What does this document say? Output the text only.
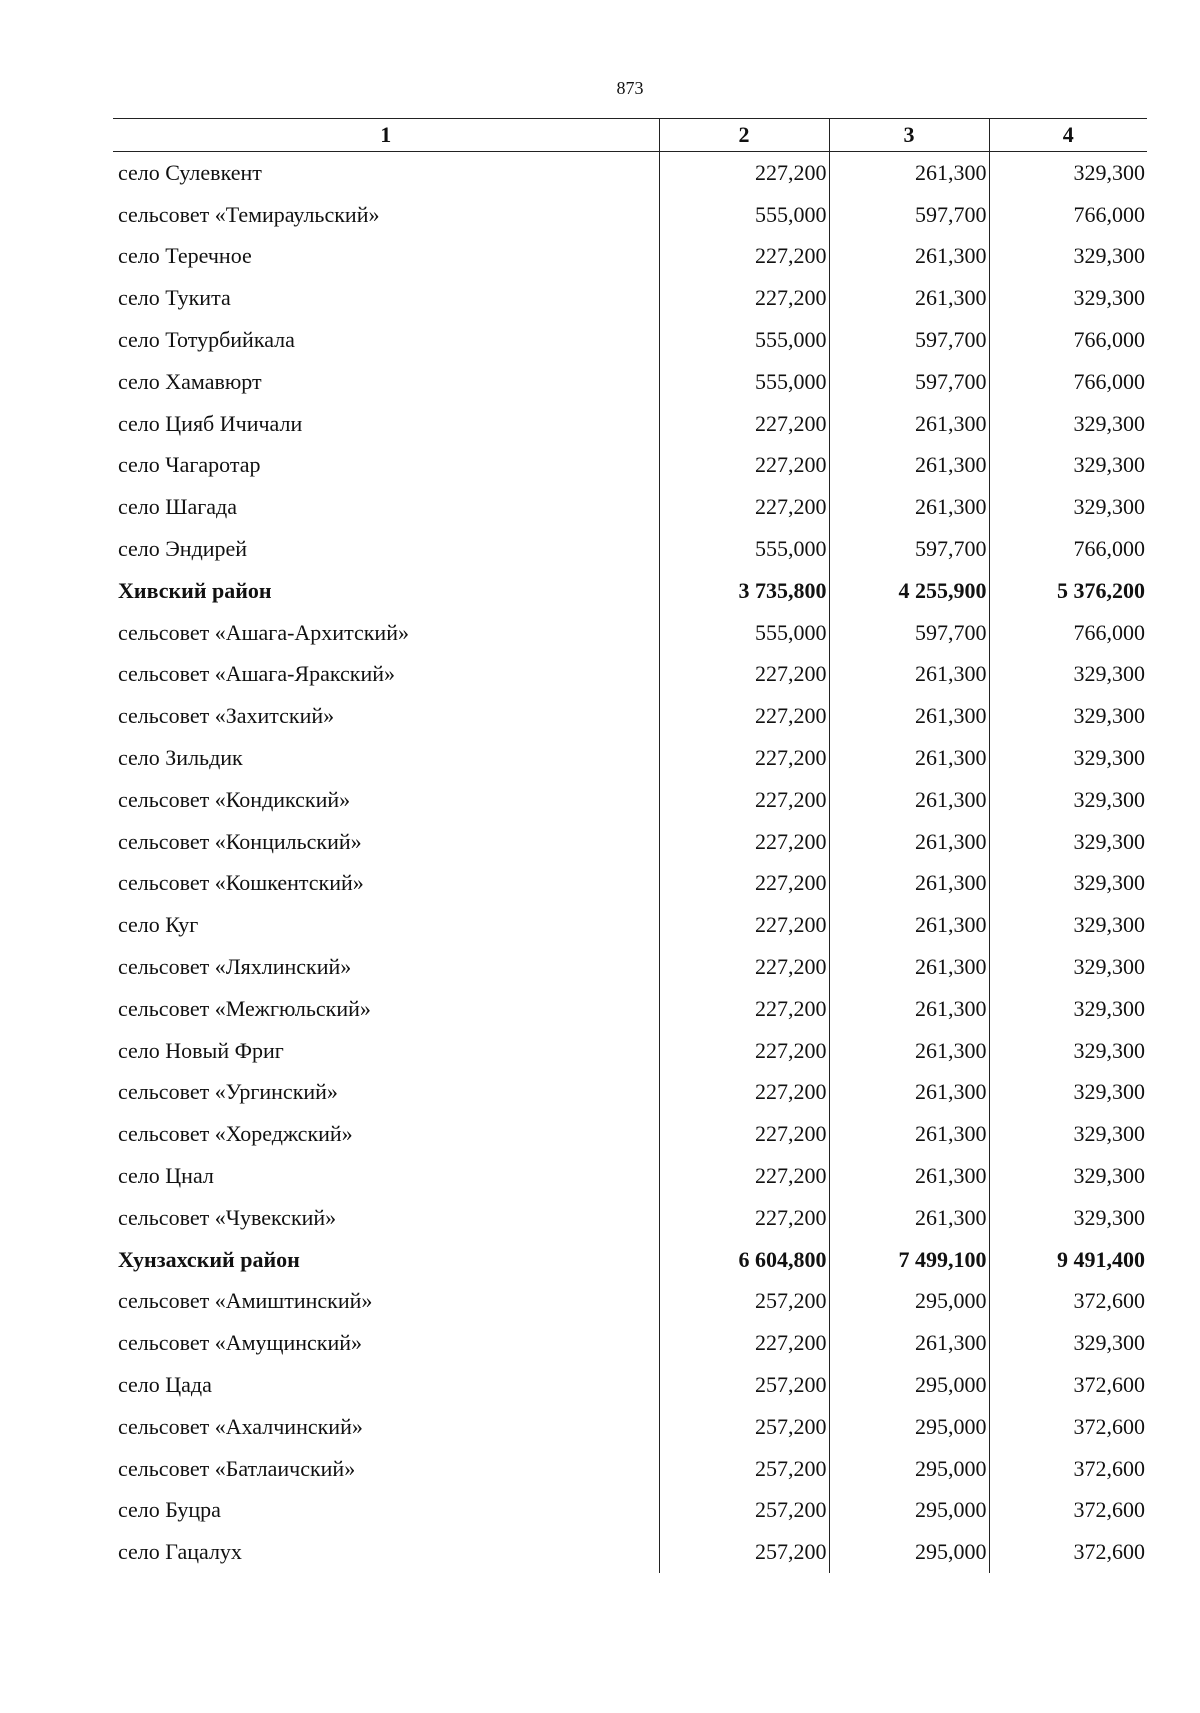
873
1	2	3	4
село Сулевкент	227,200	261,300	329,300
сельсовет «Темираульский»	555,000	597,700	766,000
село Теречное	227,200	261,300	329,300
село Тукита	227,200	261,300	329,300
село Тотурбийкала	555,000	597,700	766,000
село Хамавюрт	555,000	597,700	766,000
село Цияб Ичичали	227,200	261,300	329,300
село Чагаротар	227,200	261,300	329,300
село Шагада	227,200	261,300	329,300
село Эндирей	555,000	597,700	766,000
Хивский район	3 735,800	4 255,900	5 376,200
сельсовет «Ашага-Архитский»	555,000	597,700	766,000
сельсовет «Ашага-Яракский»	227,200	261,300	329,300
сельсовет «Захитский»	227,200	261,300	329,300
село Зильдик	227,200	261,300	329,300
сельсовет «Кондикский»	227,200	261,300	329,300
сельсовет «Концильский»	227,200	261,300	329,300
сельсовет «Кошкентский»	227,200	261,300	329,300
село Куг	227,200	261,300	329,300
сельсовет «Ляхлинский»	227,200	261,300	329,300
сельсовет «Межгюльский»	227,200	261,300	329,300
село Новый Фриг	227,200	261,300	329,300
сельсовет «Ургинский»	227,200	261,300	329,300
сельсовет «Хореджский»	227,200	261,300	329,300
село Цнал	227,200	261,300	329,300
сельсовет «Чувекский»	227,200	261,300	329,300
Хунзахский район	6 604,800	7 499,100	9 491,400
сельсовет «Амиштинский»	257,200	295,000	372,600
сельсовет «Амущинский»	227,200	261,300	329,300
село Цада	257,200	295,000	372,600
сельсовет «Ахалчинский»	257,200	295,000	372,600
сельсовет «Батлаичский»	257,200	295,000	372,600
село Буцра	257,200	295,000	372,600
село Гацалух	257,200	295,000	372,600
